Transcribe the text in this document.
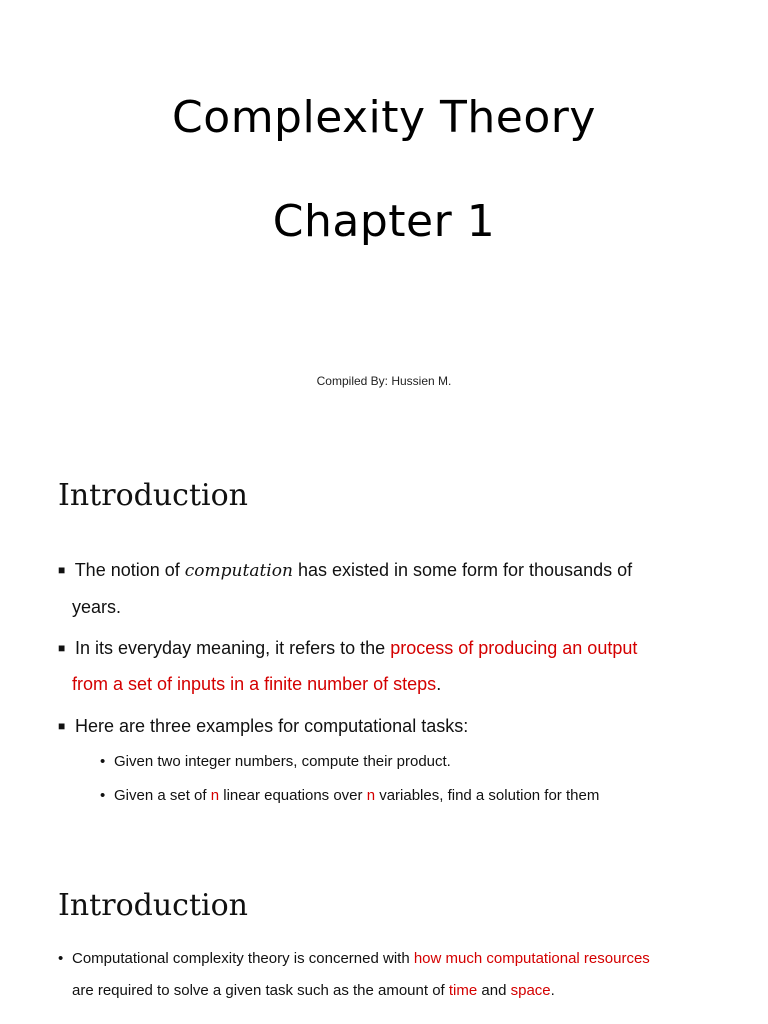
Complexity Theory
Chapter 1
Compiled By: Hussien M.
Introduction
■ The notion of computation has existed in some form for thousands of
years.
■ In its everyday meaning, it refers to the process of producing an output
from a set of inputs in a finite number of steps.
■ Here are three examples for computational tasks:
• Given two integer numbers, compute their product.
• Given a set of n linear equations over n variables, find a solution for them
Introduction
• Computational complexity theory is concerned with how much computational resources
are required to solve a given task such as the amount of time and space.
